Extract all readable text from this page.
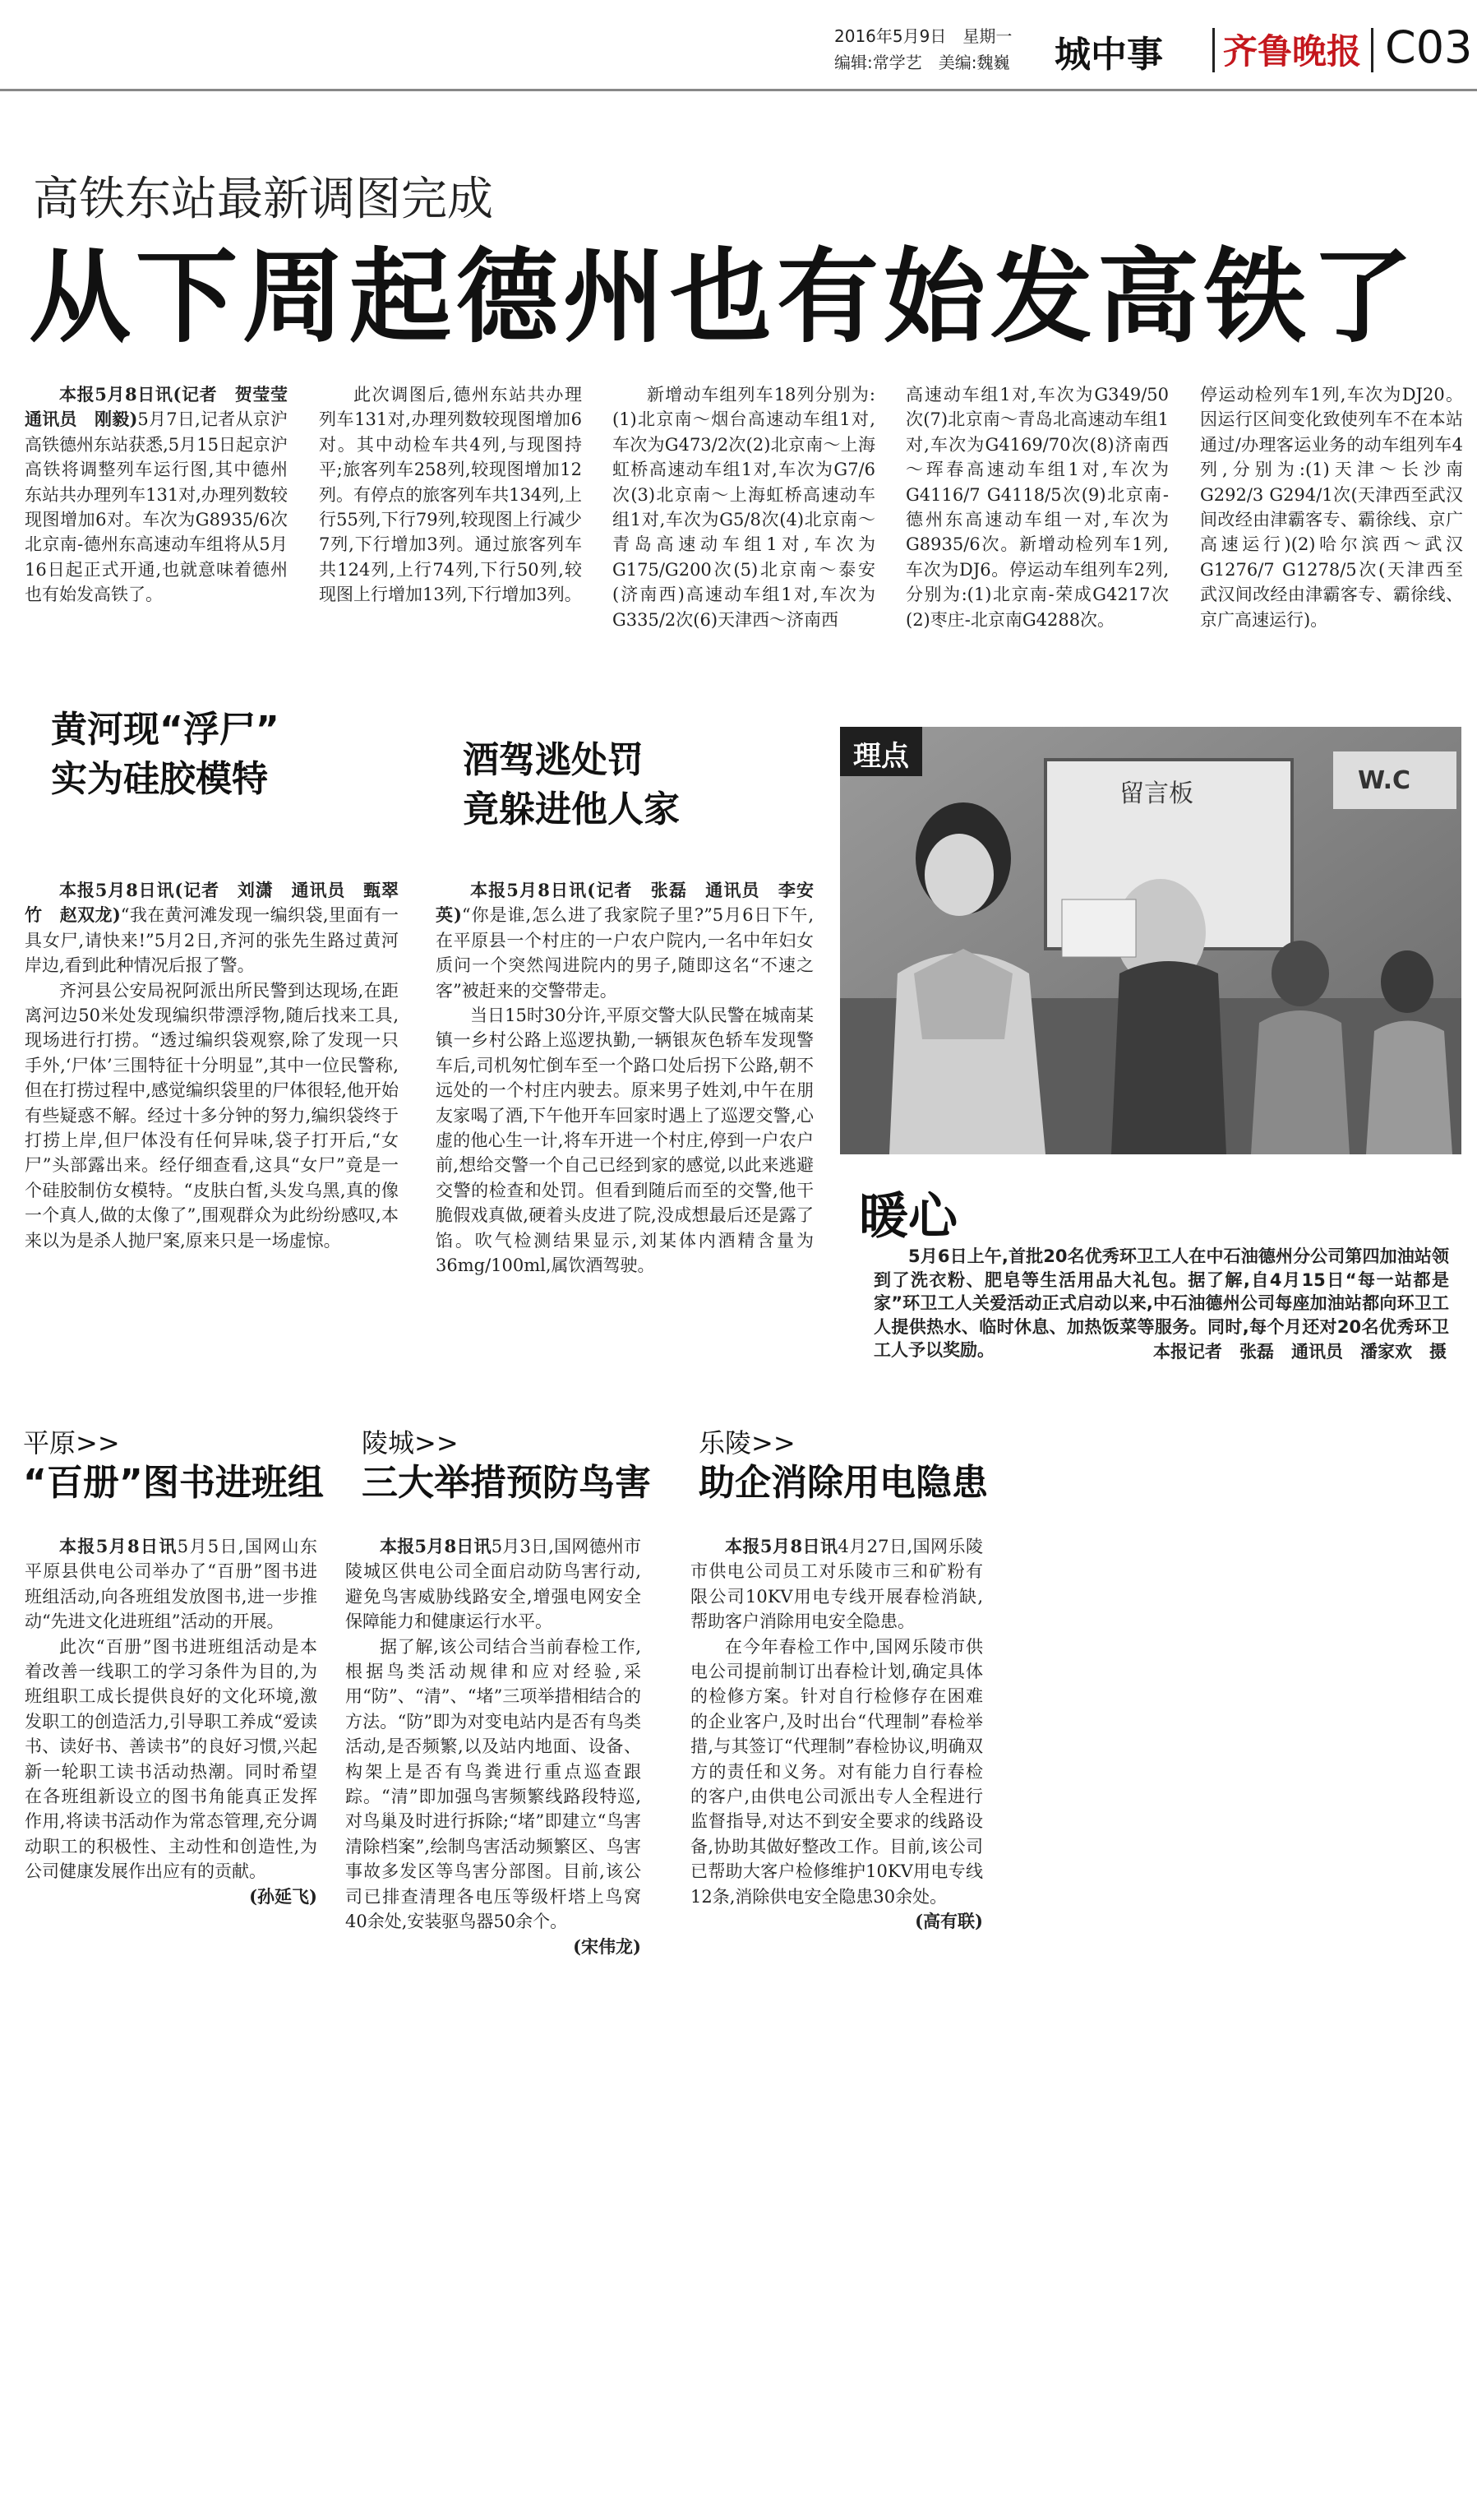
2016年5月9日　星期一
编辑:常学艺　美编:魏巍 城中事 齐鲁晚报 C03
高铁东站最新调图完成
从下周起德州也有始发高铁了

本报5月8日讯(记者　贺莹莹　通讯员　刚毅)5月7日,记者从京沪高铁德州东站获悉,5月15日起京沪高铁将调整列车运行图,其中德州东站共办理列车131对,办理列数较现图增加6对。车次为G8935/6次北京南-德州东高速动车组将从5月16日起正式开通,也就意味着德州也有始发高铁了。

此次调图后,德州东站共办理列车131对,办理列数较现图增加6对。其中动检车共4列,与现图持平;旅客列车258列,较现图增加12列。有停点的旅客列车共134列,上行55列,下行79列,较现图上行减少7列,下行增加3列。通过旅客列车共124列,上行74列,下行50列,较现图上行增加13列,下行增加3列。

新增动车组列车18列分别为:(1)北京南～烟台高速动车组1对,车次为G473/2次(2)北京南～上海虹桥高速动车组1对,车次为G7/6次(3)北京南～上海虹桥高速动车组1对,车次为G5/8次(4)北京南～青岛高速动车组1对,车次为G175/G200次(5)北京南～泰安(济南西)高速动车组1对,车次为G335/2次(6)天津西～济南西

高速动车组1对,车次为G349/50次(7)北京南～青岛北高速动车组1对,车次为G4169/70次(8)济南西～珲春高速动车组1对,车次为G4116/7 G4118/5次(9)北京南-德州东高速动车组一对,车次为G8935/6次。新增动检列车1列,车次为DJ6。停运动车组列车2列,分别为:(1)北京南-荣成G4217次(2)枣庄-北京南G4288次。

停运动检列车1列,车次为DJ20。因运行区间变化致使列车不在本站通过/办理客运业务的动车组列车4列,分别为:(1)天津～长沙南G292/3 G294/1次(天津西至武汉间改经由津霸客专、霸徐线、京广高速运行)(2)哈尔滨西～武汉G1276/7 G1278/5次(天津西至武汉间改经由津霸客专、霸徐线、京广高速运行)。

黄河现“浮尸”
实为硅胶模特

本报5月8日讯(记者　刘潇　通讯员　甄翠竹　赵双龙)“我在黄河滩发现一编织袋,里面有一具女尸,请快来!”5月2日,齐河的张先生路过黄河岸边,看到此种情况后报了警。

齐河县公安局祝阿派出所民警到达现场,在距离河边50米处发现编织带漂浮物,随后找来工具,现场进行打捞。“透过编织袋观察,除了发现一只手外,‘尸体’三围特征十分明显”,其中一位民警称,但在打捞过程中,感觉编织袋里的尸体很轻,他开始有些疑惑不解。经过十多分钟的努力,编织袋终于打捞上岸,但尸体没有任何异味,袋子打开后,“女尸”头部露出来。经仔细查看,这具“女尸”竟是一个硅胶制仿女模特。“皮肤白皙,头发乌黑,真的像一个真人,做的太像了”,围观群众为此纷纷感叹,本来以为是杀人抛尸案,原来只是一场虚惊。

酒驾逃处罚
竟躲进他人家

本报5月8日讯(记者　张磊　通讯员　李安英)“你是谁,怎么进了我家院子里?”5月6日下午,在平原县一个村庄的一户农户院内,一名中年妇女质问一个突然闯进院内的男子,随即这名“不速之客”被赶来的交警带走。

当日15时30分许,平原交警大队民警在城南某镇一乡村公路上巡逻执勤,一辆银灰色轿车发现警车后,司机匆忙倒车至一个路口处后拐下公路,朝不远处的一个村庄内驶去。原来男子姓刘,中午在朋友家喝了酒,下午他开车回家时遇上了巡逻交警,心虚的他心生一计,将车开进一个村庄,停到一户农户前,想给交警一个自己已经到家的感觉,以此来逃避交警的检查和处罚。但看到随后而至的交警,他干脆假戏真做,硬着头皮进了院,没成想最后还是露了馅。吹气检测结果显示,刘某体内酒精含量为36mg/100ml,属饮酒驾驶。

理点
留言板	W.C
暖心
5月6日上午,首批20名优秀环卫工人在中石油德州分公司第四加油站领到了洗衣粉、肥皂等生活用品大礼包。据了解,自4月15日“每一站都是家”环卫工人关爱活动正式启动以来,中石油德州公司每座加油站都向环卫工人提供热水、临时休息、加热饭菜等服务。同时,每个月还对20名优秀环卫工人予以奖励。	本报记者　张磊　通讯员　潘家欢　摄
平原>>
“百册”图书进班组

本报5月8日讯5月5日,国网山东平原县供电公司举办了“百册”图书进班组活动,向各班组发放图书,进一步推动“先进文化进班组”活动的开展。

此次“百册”图书进班组活动是本着改善一线职工的学习条件为目的,为班组职工成长提供良好的文化环境,激发职工的创造活力,引导职工养成“爱读书、读好书、善读书”的良好习惯,兴起新一轮职工读书活动热潮。同时希望在各班组新设立的图书角能真正发挥作用,将读书活动作为常态管理,充分调动职工的积极性、主动性和创造性,为公司健康发展作出应有的贡献。

(孙延飞)

陵城>>
三大举措预防鸟害

本报5月8日讯5月3日,国网德州市陵城区供电公司全面启动防鸟害行动,避免鸟害威胁线路安全,增强电网安全保障能力和健康运行水平。

据了解,该公司结合当前春检工作,根据鸟类活动规律和应对经验,采用“防”、“清”、“堵”三项举措相结合的方法。“防”即为对变电站内是否有鸟类活动,是否频繁,以及站内地面、设备、构架上是否有鸟粪进行重点巡查跟踪。“清”即加强鸟害频繁线路段特巡,对鸟巢及时进行拆除;“堵”即建立“鸟害清除档案”,绘制鸟害活动频繁区、鸟害事故多发区等鸟害分部图。目前,该公司已排查清理各电压等级杆塔上鸟窝40余处,安装驱鸟器50余个。

(宋伟龙)

乐陵>>
助企消除用电隐患

本报5月8日讯4月27日,国网乐陵市供电公司员工对乐陵市三和矿粉有限公司10KV用电专线开展春检消缺,帮助客户消除用电安全隐患。

在今年春检工作中,国网乐陵市供电公司提前制订出春检计划,确定具体的检修方案。针对自行检修存在困难的企业客户,及时出台“代理制”春检举措,与其签订“代理制”春检协议,明确双方的责任和义务。对有能力自行春检的客户,由供电公司派出专人全程进行监督指导,对达不到安全要求的线路设备,协助其做好整改工作。目前,该公司已帮助大客户检修维护10KV用电专线12条,消除供电安全隐患30余处。

(高有联)
